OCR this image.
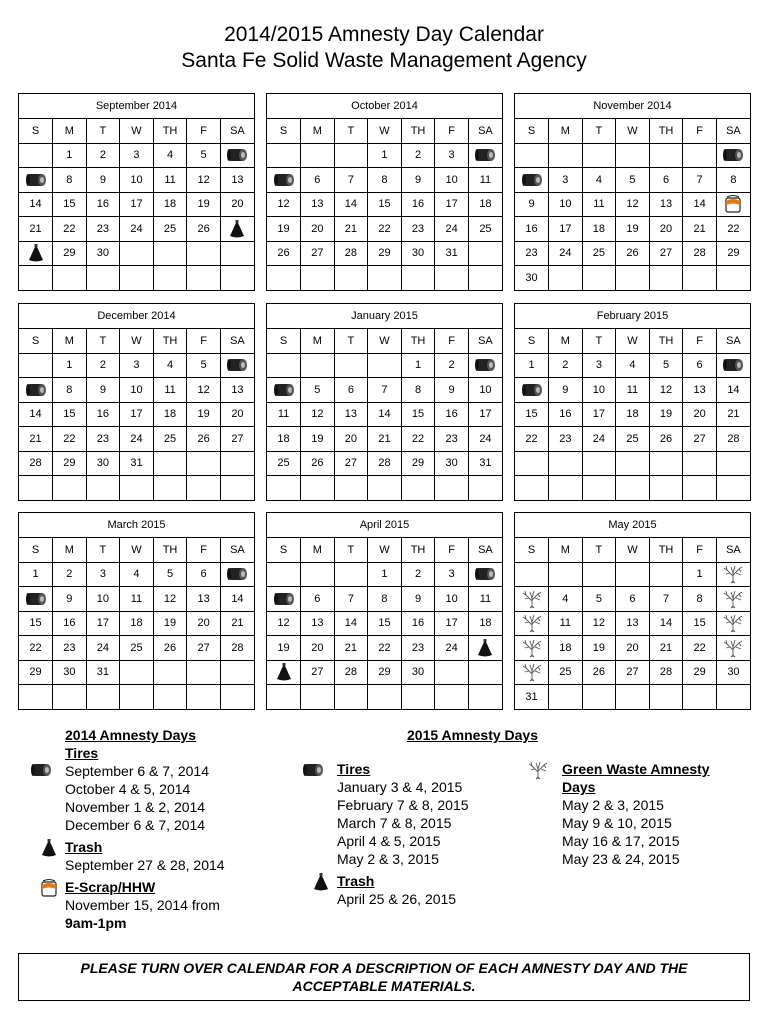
2014/2015 Amnesty Day Calendar
Santa Fe Solid Waste Management Agency
September 2014						
S	M	T	W	TH	F	SA
	1	2	3	4	5	

	8	9	10	11	12	13
14	15	16	17	18	19	20
21	22	23	24	25	26	

	29	30				

October 2014						
S	M	T	W	TH	F	SA
			1	2	3	

	6	7	8	9	10	11
12	13	14	15	16	17	18
19	20	21	22	23	24	25
26	27	28	29	30	31	

November 2014						
S	M	T	W	TH	F	SA

	3	4	5	6	7	8
9	10	11	12	13	14	

16	17	18	19	20	21	22
23	24	25	26	27	28	29
30						
December 2014						
S	M	T	W	TH	F	SA
	1	2	3	4	5	

	8	9	10	11	12	13
14	15	16	17	18	19	20
21	22	23	24	25	26	27
28	29	30	31			

January 2015						
S	M	T	W	TH	F	SA
				1	2	

	5	6	7	8	9	10
11	12	13	14	15	16	17
18	19	20	21	22	23	24
25	26	27	28	29	30	31

February 2015						
S	M	T	W	TH	F	SA
1	2	3	4	5	6	

	9	10	11	12	13	14
15	16	17	18	19	20	21
22	23	24	25	26	27	28

March 2015						
S	M	T	W	TH	F	SA
1	2	3	4	5	6	

	9	10	11	12	13	14
15	16	17	18	19	20	21
22	23	24	25	26	27	28
29	30	31				

April 2015						
S	M	T	W	TH	F	SA
			1	2	3	

	6	7	8	9	10	11
12	13	14	15	16	17	18
19	20	21	22	23	24	

	27	28	29	30		

May 2015						
S	M	T	W	TH	F	SA
					1	

	4	5	6	7	8	

	11	12	13	14	15	

	18	19	20	21	22	

	25	26	27	28	29	30
31						
2014 Amnesty Days
Tires
September 6 & 7, 2014
October 4 & 5, 2014
November 1 & 2, 2014
December 6 & 7, 2014
Trash
September 27 & 28, 2014
E-Scrap/HHW
November 15, 2014 from
9am-1pm
2015 Amnesty Days
Tires
January 3 & 4, 2015
February 7 & 8, 2015
March 7 & 8, 2015
April 4 & 5, 2015
May 2 & 3, 2015
Trash
April 25 & 26, 2015
Green Waste Amnesty
Days
May 2 & 3, 2015
May 9 & 10, 2015
May 16 & 17, 2015
May 23 & 24, 2015
PLEASE TURN OVER CALENDAR FOR A DESCRIPTION OF EACH AMNESTY DAY AND THE
ACCEPTABLE MATERIALS.
